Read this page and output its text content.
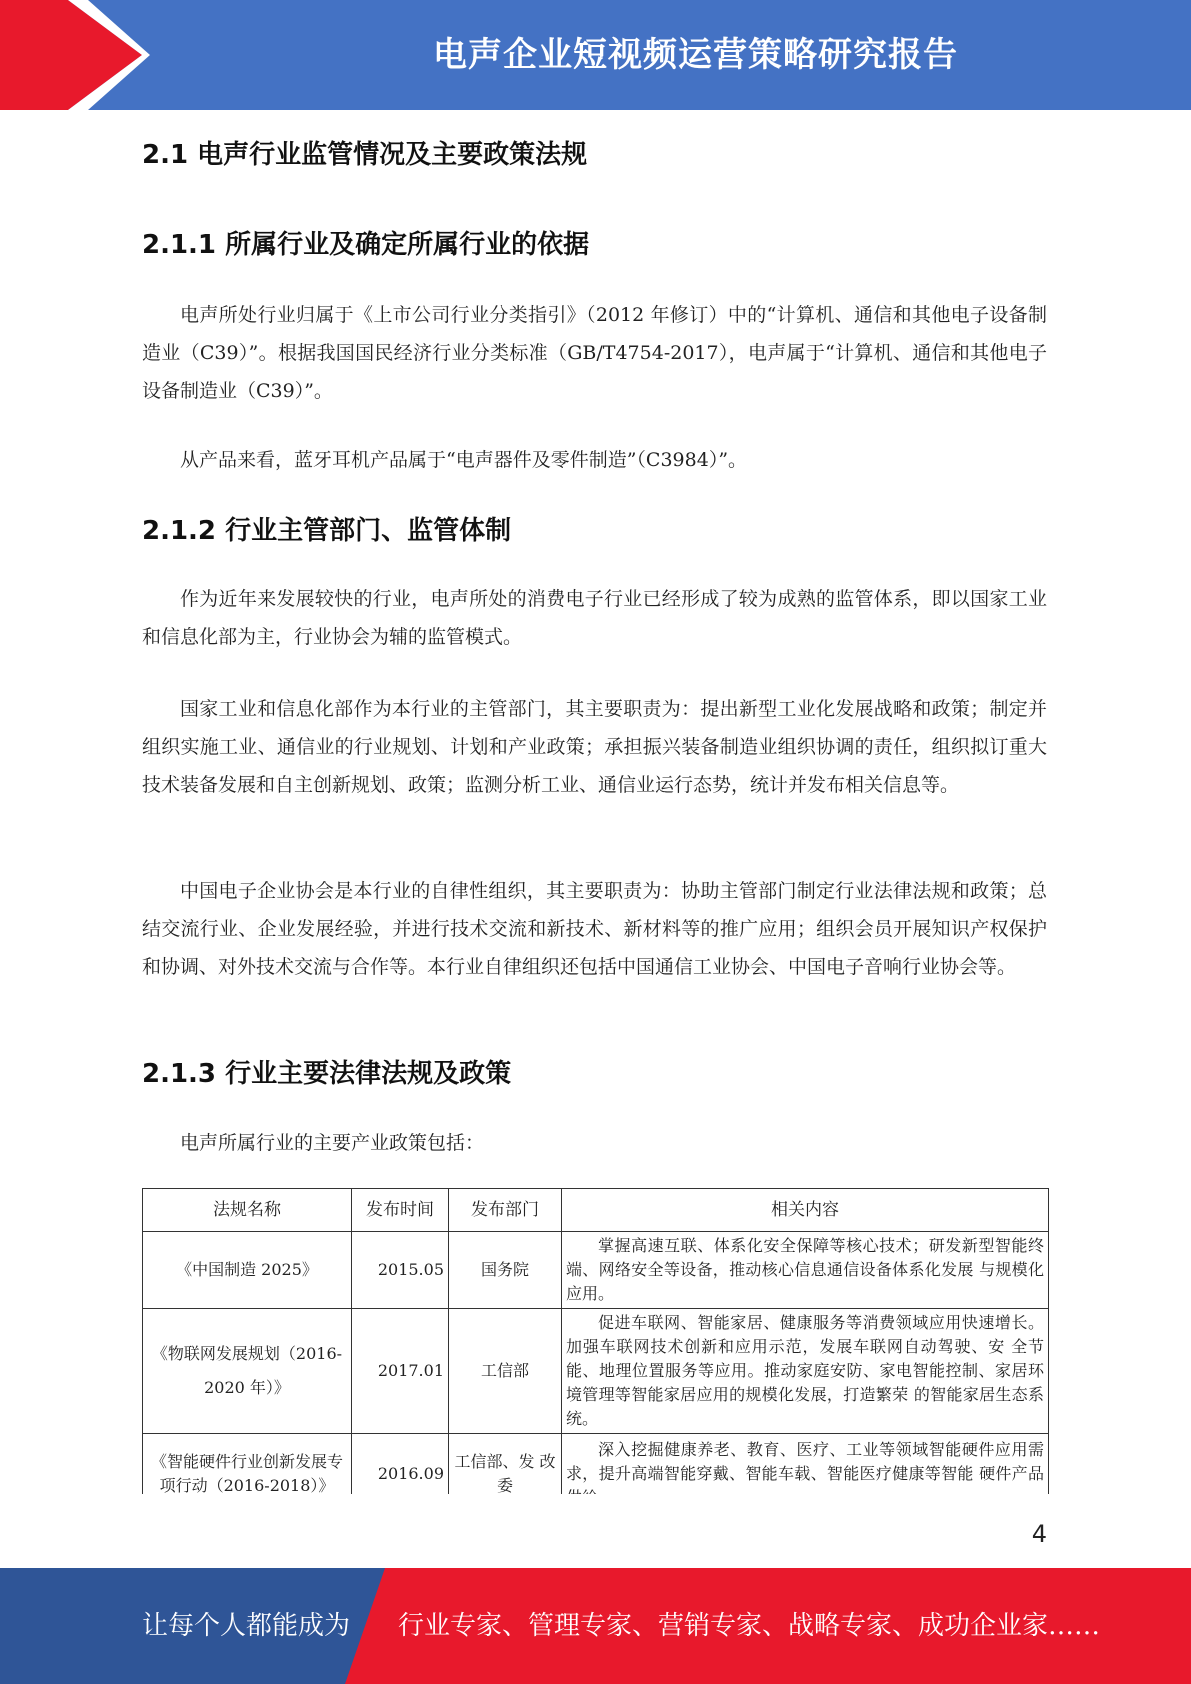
电声企业短视频运营策略研究报告
2.1 电声行业监管情况及主要政策法规
2.1.1 所属行业及确定所属行业的依据

电声所处行业归属于《上市公司行业分类指引》（2012 年修订）中的“计算机、通信和其他电子设备制造业（C39）”。根据我国国民经济行业分类标准（GB/T4754-2017），电声属于“计算机、通信和其他电子设备制造业（C39）”。

从产品来看，蓝牙耳机产品属于“电声器件及零件制造”（C3984）”。

2.1.2 行业主管部门、监管体制

作为近年来发展较快的行业，电声所处的消费电子行业已经形成了较为成熟的监管体系，即以国家工业和信息化部为主，行业协会为辅的监管模式。

国家工业和信息化部作为本行业的主管部门，其主要职责为：提出新型工业化发展战略和政策；制定并组织实施工业、通信业的行业规划、计划和产业政策；承担振兴装备制造业组织协调的责任，组织拟订重大技术装备发展和自主创新规划、政策；监测分析工业、通信业运行态势，统计并发布相关信息等。

中国电子企业协会是本行业的自律性组织，其主要职责为：协助主管部门制定行业法律法规和政策；总结交流行业、企业发展经验，并进行技术交流和新技术、新材料等的推广应用；组织会员开展知识产权保护和协调、对外技术交流与合作等。本行业自律组织还包括中国通信工业协会、中国电子音响行业协会等。

2.1.3 行业主要法律法规及政策

电声所属行业的主要产业政策包括：

法规名称	发布时间	发布部门	相关内容
《中国制造 2025》	2015.05	国务院	掌握高速互联、体系化安全保障等核心技术；研发新型智能终端、网络安全等设备，推动核心信息通信设备体系化发展 与规模化应用。
《物联网发展规划（2016-2020 年）》	2017.01	工信部	促进车联网、智能家居、健康服务等消费领域应用快速增长。 加强车联网技术创新和应用示范，发展车联网自动驾驶、安 全节能、地理位置服务等应用。推动家庭安防、家电智能控制、家居环境管理等智能家居应用的规模化发展，打造繁荣 的智能家居生态系统。
《智能硬件行业创新发展专项行动（2016-2018）》	2016.09	工信部、发 改委	深入挖掘健康养老、教育、医疗、工业等领域智能硬件应用需求，提升高端智能穿戴、智能车载、智能医疗健康等智能 硬件产品
4
让每个人都能成为 行业专家、管理专家、营销专家、战略专家、成功企业家……
